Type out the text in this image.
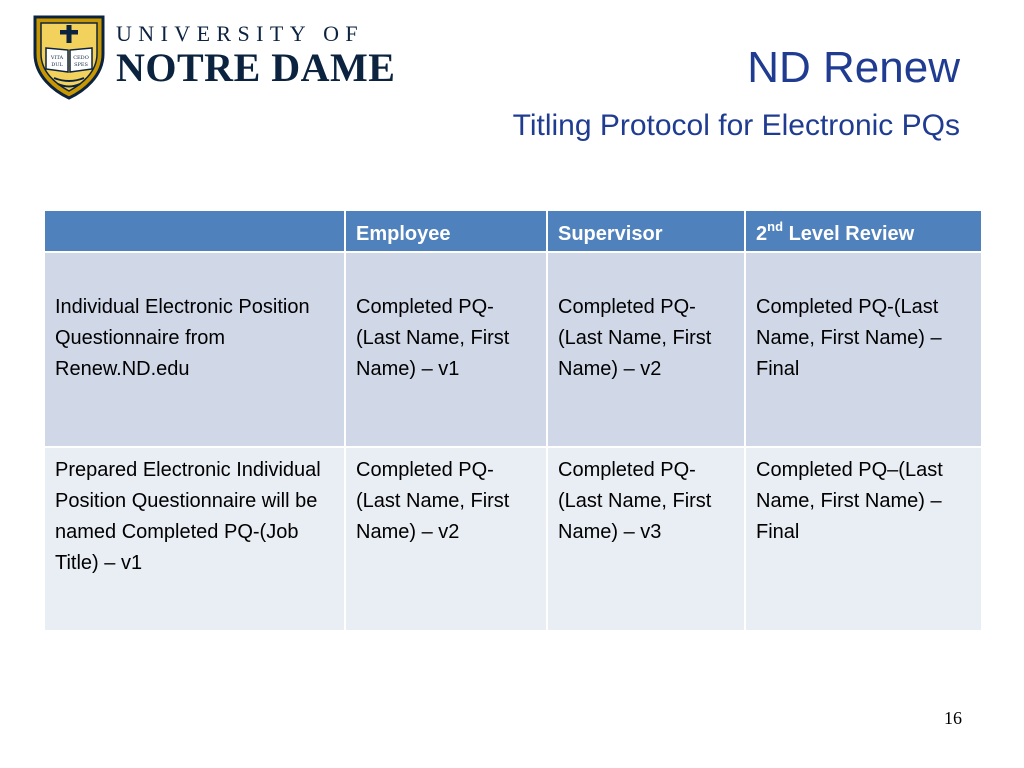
VITA
DUL
CEDO
SPES
UNIVERSITY OF
NOTRE DAME	ND Renew
Titling Protocol for Electronic PQs
	Employee	Supervisor	2nd Level Review
Individual Electronic Position Questionnaire from Renew.ND.edu	Completed PQ-(Last Name, First Name) – v1	Completed PQ-(Last Name, First Name) – v2	Completed PQ-(Last Name, First Name) – Final
Prepared Electronic Individual Position Questionnaire will be named Completed PQ-(Job Title) – v1	Completed PQ-(Last Name, First Name) – v2	Completed PQ-(Last Name, First Name) – v3	Completed PQ–(Last Name, First Name) – Final
16
